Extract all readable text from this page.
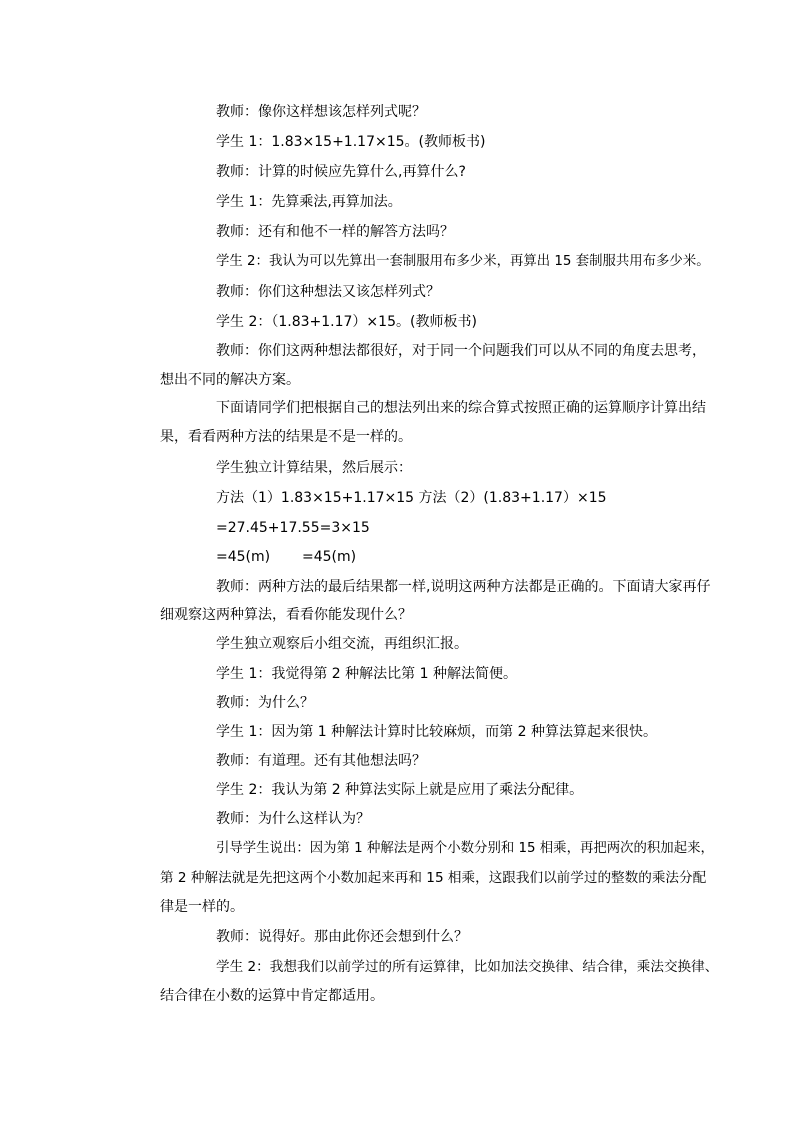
教师：像你这样想该怎样列式呢？
学生 1：1.83×15+1.17×15。(教师板书)
教师：计算的时候应先算什么,再算什么?
学生 1：先算乘法,再算加法。
教师：还有和他不一样的解答方法吗？
学生 2：我认为可以先算出一套制服用布多少米，再算出 15 套制服共用布多少米。
教师：你们这种想法又该怎样列式？
学生 2：（1.83+1.17）×15。(教师板书)
教师：你们这两种想法都很好，对于同一个问题我们可以从不同的角度去思考，
想出不同的解决方案。
下面请同学们把根据自己的想法列出来的综合算式按照正确的运算顺序计算出结
果，看看两种方法的结果是不是一样的。
学生独立计算结果，然后展示：
方法（1）1.83×15+1.17×15 方法（2）(1.83+1.17）×15
=27.45+17.55=3×15
=45(m) =45(m)
教师：两种方法的最后结果都一样,说明这两种方法都是正确的。下面请大家再仔
细观察这两种算法，看看你能发现什么？
学生独立观察后小组交流，再组织汇报。
学生 1：我觉得第 2 种解法比第 1 种解法简便。
教师：为什么？
学生 1：因为第 1 种解法计算时比较麻烦，而第 2 种算法算起来很快。
教师：有道理。还有其他想法吗？
学生 2：我认为第 2 种算法实际上就是应用了乘法分配律。
教师：为什么这样认为？
引导学生说出：因为第 1 种解法是两个小数分别和 15 相乘，再把两次的积加起来，
第 2 种解法就是先把这两个小数加起来再和 15 相乘，这跟我们以前学过的整数的乘法分配
律是一样的。
教师：说得好。那由此你还会想到什么？
学生 2：我想我们以前学过的所有运算律，比如加法交换律、结合律，乘法交换律、
结合律在小数的运算中肯定都适用。
